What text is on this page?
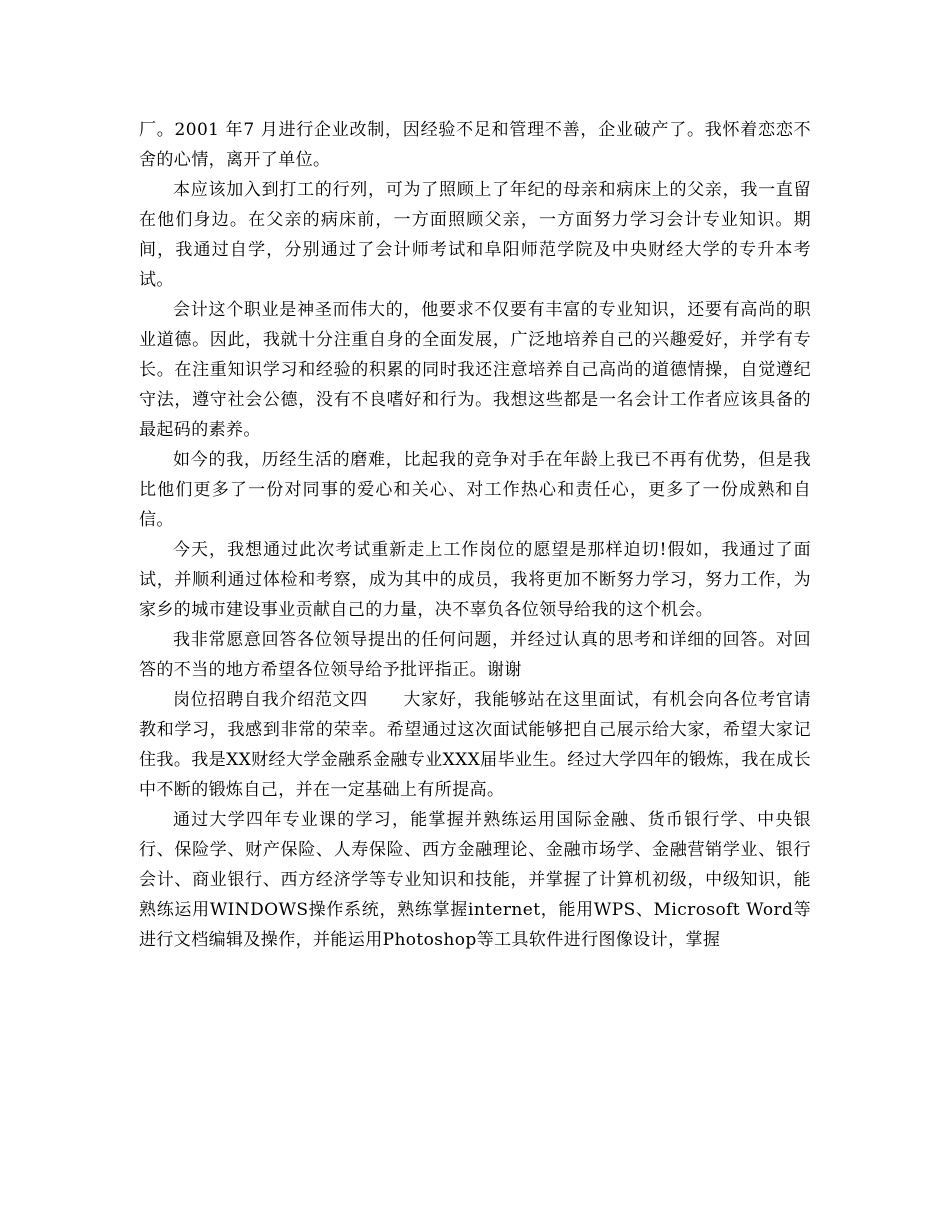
厂。2001 年7 月进行企业改制，因经验不足和管理不善，企业破产了。我怀着恋恋不舍的心情，离开了单位。

本应该加入到打工的行列，可为了照顾上了年纪的母亲和病床上的父亲，我一直留在他们身边。在父亲的病床前，一方面照顾父亲，一方面努力学习会计专业知识。期间，我通过自学，分别通过了会计师考试和阜阳师范学院及中央财经大学的专升本考试。

会计这个职业是神圣而伟大的，他要求不仅要有丰富的专业知识，还要有高尚的职业道德。因此，我就十分注重自身的全面发展，广泛地培养自己的兴趣爱好，并学有专长。在注重知识学习和经验的积累的同时我还注意培养自己高尚的道德情操，自觉遵纪守法，遵守社会公德，没有不良嗜好和行为。我想这些都是一名会计工作者应该具备的最起码的素养。

如今的我，历经生活的磨难，比起我的竞争对手在年龄上我已不再有优势，但是我比他们更多了一份对同事的爱心和关心、对工作热心和责任心，更多了一份成熟和自信。

今天，我想通过此次考试重新走上工作岗位的愿望是那样迫切!假如，我通过了面试，并顺利通过体检和考察，成为其中的成员，我将更加不断努力学习，努力工作，为家乡的城市建设事业贡献自己的力量，决不辜负各位领导给我的这个机会。

我非常愿意回答各位领导提出的任何问题，并经过认真的思考和详细的回答。对回答的不当的地方希望各位领导给予批评指正。谢谢

岗位招聘自我介绍范文四　　大家好，我能够站在这里面试，有机会向各位考官请教和学习，我感到非常的荣幸。希望通过这次面试能够把自己展示给大家，希望大家记住我。我是XX财经大学金融系金融专业XXX届毕业生。经过大学四年的锻炼，我在成长中不断的锻炼自己，并在一定基础上有所提高。

通过大学四年专业课的学习，能掌握并熟练运用国际金融、货币银行学、中央银行、保险学、财产保险、人寿保险、西方金融理论、金融市场学、金融营销学业、银行会计、商业银行、西方经济学等专业知识和技能，并掌握了计算机初级，中级知识，能熟练运用WINDOWS操作系统，熟练掌握internet，能用WPS、Microsoft Word等进行文档编辑及操作，并能运用Photoshop等工具软件进行图像设计，掌握
